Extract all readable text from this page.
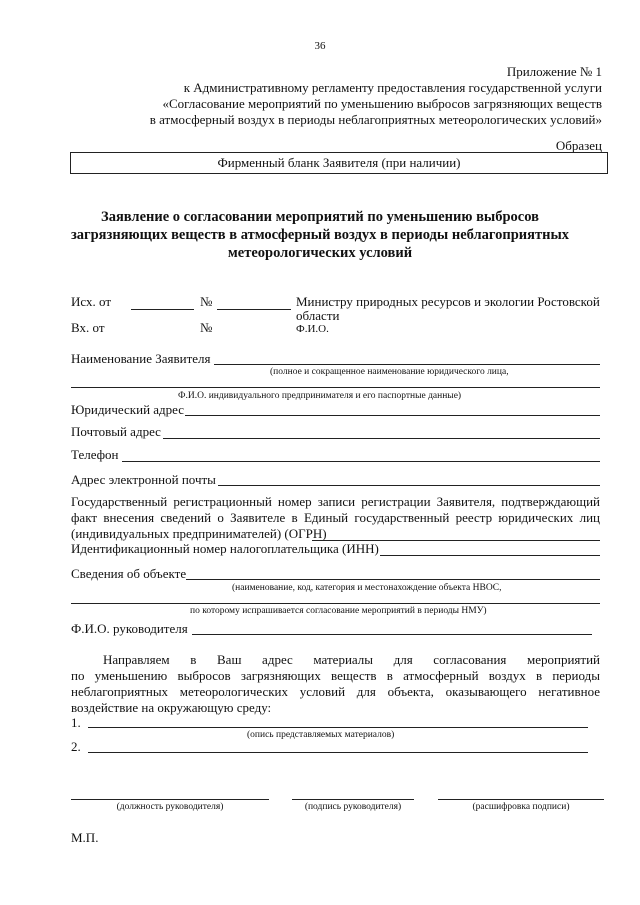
36
Приложение № 1
к Административному регламенту предоставления государственной услуги
«Согласование мероприятий по уменьшению выбросов загрязняющих веществ
в атмосферный воздух в периоды неблагоприятных метеорологических условий»
Образец
Фирменный бланк Заявителя (при наличии)
Заявление о согласовании мероприятий по уменьшению выбросов
загрязняющих веществ в атмосферный воздух в периоды неблагоприятных
метеорологических условий
Исх. от	№	Министру природных ресурсов и экологии Ростовской
области
Вх. от	№	Ф.И.О.
Наименование Заявителя
(полное и сокращенное наименование юридического лица,
Ф.И.О. индивидуального предпринимателя и его паспортные данные)
Юридический адрес
Почтовый адрес
Телефон
Адрес электронной почты
Государственный регистрационный номер записи регистрации Заявителя, подтверждающий
факт внесения сведений о Заявителе в Единый государственный реестр юридических лиц
(индивидуальных предпринимателей) (ОГРН)
Идентификационный номер налогоплательщика (ИНН)
Сведения об объекте
(наименование, код, категория и местонахождение объекта НВОС,
по которому испрашивается согласование мероприятий в периоды НМУ)
Ф.И.О. руководителя
Направляем в Ваш адрес материалы для согласования мероприятий
по уменьшению выбросов загрязняющих веществ в атмосферный воздух в периоды
неблагоприятных метеорологических условий для объекта, оказывающего негативное
воздействие на окружающую среду:
1.
(опись представляемых материалов)
2.
(должность руководителя)	(подпись руководителя)	(расшифровка подписи)
М.П.
